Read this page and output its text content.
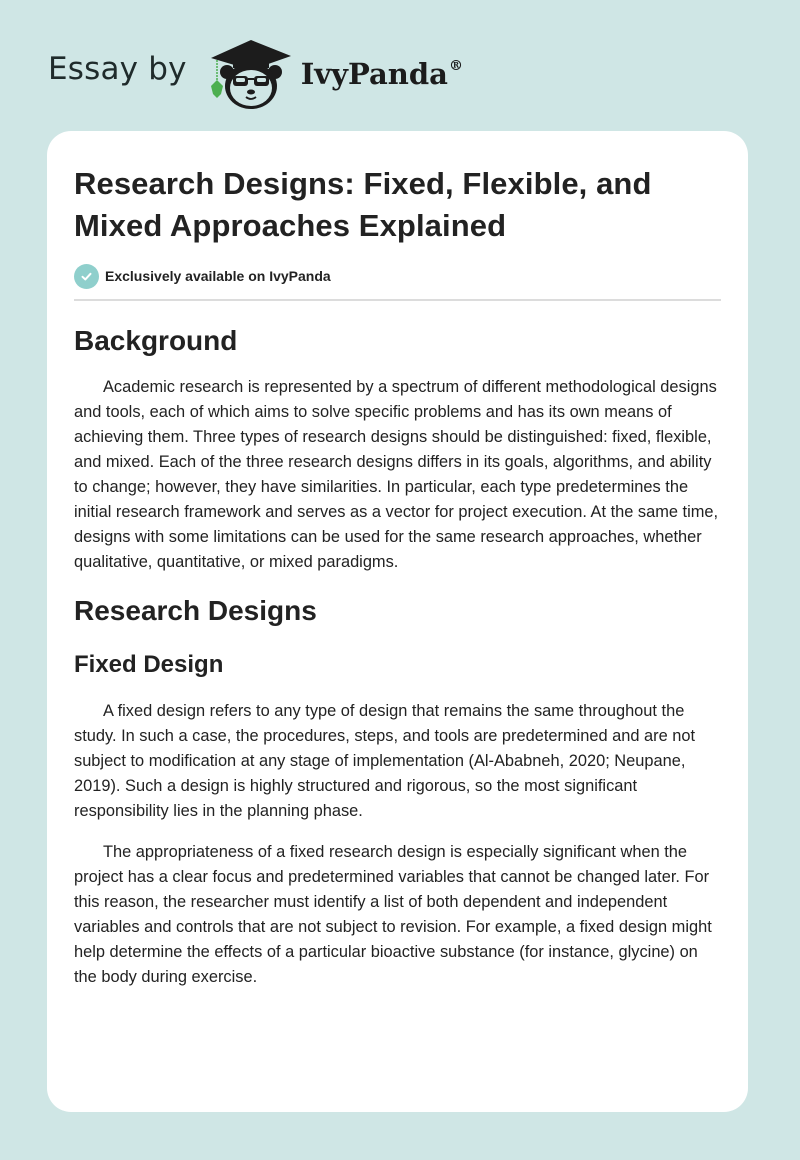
Essay by	IvyPanda®
Research Designs: Fixed, Flexible, and Mixed Approaches Explained
Exclusively available on IvyPanda
Background

Academic research is represented by a spectrum of different methodological designs and tools, each of which aims to solve specific problems and has its own means of achieving them. Three types of research designs should be distinguished: fixed, flexible, and mixed. Each of the three research designs differs in its goals, algorithms, and ability to change; however, they have similarities. In particular, each type predetermines the initial research framework and serves as a vector for project execution. At the same time, designs with some limitations can be used for the same research approaches, whether qualitative, quantitative, or mixed paradigms.

Research Designs
Fixed Design

A fixed design refers to any type of design that remains the same throughout the study. In such a case, the procedures, steps, and tools are predetermined and are not subject to modification at any stage of implementation (Al-Ababneh, 2020; Neupane, 2019). Such a design is highly structured and rigorous, so the most significant responsibility lies in the planning phase.

The appropriateness of a fixed research design is especially significant when the project has a clear focus and predetermined variables that cannot be changed later. For this reason, the researcher must identify a list of both dependent and independent variables and controls that are not subject to revision. For example, a fixed design might help determine the effects of a particular bioactive substance (for instance, glycine) on the body during exercise.
